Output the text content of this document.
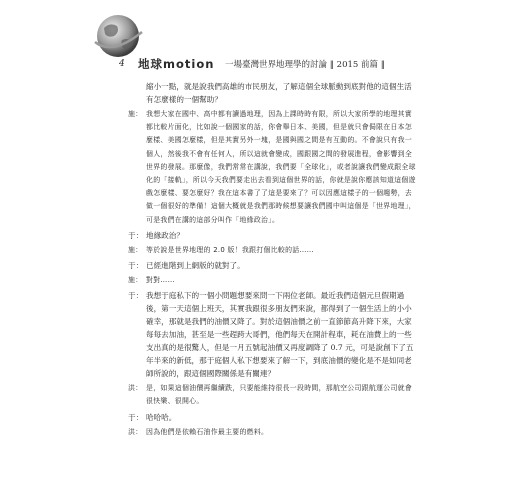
4 地球motion 一場臺灣世界地理學的討論 ‖ 2015 前篇 ‖

縮小一點，就是說我們高雄的市民朋友，了解這個全球脈動到底對他的這個生活有怎麼樣的一個幫助？

施： 我想大家在國中、高中都有讀過地理，因為上課時時有限，所以大家所學的地理其實都比較片面化，比如說一個國家的話，你會舉日本、美國，但是就只會侷限在日本怎麼樣、美國怎麼樣，但是其實另外一塊，是國與國之間是有互動的。不會說只有我一個人，然後我不會有任何人，所以這就會變成，國跟國之間的發展進程，會影響到全世界的發展。那麼像，我們常常在講說，我們要「全球化」，或者說讓我們變成跟全球化的「接軌」，所以今天我們要走出去看到這個世界的話，你就是說你應該知道這個遊戲怎麼樣、要怎麼好？我在這本書了了這是要來了？可以因應這樣子的一個趨勢，去做一個很好的準備！這個大概就是我們那時候想要讓我們國中叫這個是「世界地理」，可是我們在講的這部分叫作「地緣政治」。
于： 地緣政治？
施： 等於說是世界地理的 2.0 版！我跟打個比較的話……
于： 已經進階到上網版的就對了。
施： 對對……
于： 我想于庭私下的一個小問題想要來問一下兩位老師。最近我們這個元旦假期過後，第一天這個上班天，其實我跟很多朋友們來說，都得到了一個生活上的小小確幸，那就是我們的油價又降了。對於這個油價之前一直節節高升降下來，大家每每去加油，甚至是一些趕跨大哥們，他們每天在開計程車，耗在油費上的一些支出真的是很驚人，但是一月五號起油價又再度調降了 0.7 元，可是說創下了五年半來的新低，那于庭個人私下想要來了解一下，到底油價的變化是不是如同老師所說的，跟這個國際關係是有關連？
洪： 是，如果這個油價再繼續跌，只要能維持很長一段時間，那航空公司跟航運公司就會很快樂、很開心。
于： 哈哈哈。
洪： 因為他們是依賴石油作最主要的燃料。
